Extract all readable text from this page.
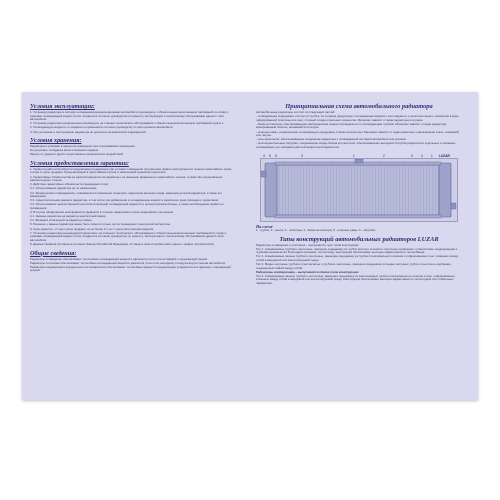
Условия эксплуатации:
1. Установку радиатора в систему охлаждения/кондиционирования автомобиля производите с обязательным выполнением требований по сливу и заправке охлаждающей жидкости или хладагента согласно руководства по ремонту, эксплуатации и техническому обслуживанию данного типа автомобиля.
2. Установку радиатора кондиционера производить на станции технического обслуживания с обязательным выполнением требований пункта 1.
3. Охлаждающую жидкость и хладагенты применяйте согласно руководству по эксплуатации автомобиля.
4. При установке и эксплуатации радиатора не допускать механических повреждений.
Условия хранения:
Радиаторы в упаковке в закрытом помещении при отапливаемом помещении.
Не допускать попадания влаги и внешних осадков.
Беречь от ударов и других существенных механических воздействий.
Условия предоставления гарантии:
1. Гарантия работоспособности предлагаемого радиатора при условии соблюдения покупателем правил эксплуатации в течение гарантийного срока, считая от даты продажи. Предъявленный в гарантийном случае и замеченный ценником покупателя.
2. Гарантийные обязательства не распространяются на радиаторы, не имеющие фирменного гарантийного талона, а также без предъявления накопительного талона.
3. Действие гарантийных обязательств прекращается при:
3.1. Использовании радиатора не по назначению;
3.2. Механических повреждениях, появившихся в изменении геометрии, нарушении внешнего вида, размеров деталей радиатора, в также его маркировки;
3.3. Самостоятельном ремонте радиатора, в том числе при добавлении в охлаждающую жидкость различного рода присадок и герметиков;
3.4. Использовании некачественной (несоответствующей) охлаждающей жидкости и неподготовленной воды, а также несоблюдении правил ее применения;
4. В случае обнаружения неисправности (дефекта) в течение гарантийного срока предъявлять претензию.
4.1. Замены радиатора на радиатор аналогичной марки;
4.2. Возврата уплаченной за радиатор суммы.
5. Решение о замене радиатора может быть принято только после проведения технической экспертизы.
6. Срок гарантии - 2 года с даты продажи, но не более 3 х лет с даты изготовления изделия.
7. Установку радиатора рекомендуется выполнять на станциях технического обслуживания с обязательным выполнением требований по сливу и заправке охлаждающей жидкости или хладагента согласно руководству по ремонту, эксплуатации и техническому обслуживанию данного типа автомобиля.
8. Данные Правила составлены согласно Закону Российской Федерации «О защите прав потребителей» (закон о правах потребителей).
Общие сведения:
Радиаторы охлаждения обеспечивают теплообмен охлаждающей жидкости двигателя (тосол или антифриз) с окружающей средой.
Радиаторы отопления обеспечивают теплообмен охлаждающей жидкости двигателя (тосол или антифриз) и воздуха внутри салона автомобиля.
Радиаторы кондиционера (конденсоры или испарители) обеспечивают теплообмен жидкости кондиционера (хладагента или фреона) с окружающей средой.
Принципиальная схема автомобильного радиатора
Автомобильные радиаторы состоят из следующих частей:
- охлаждающая сердцевина, состоит из трубок, по которым циркулирует охлаждающая жидкость или хладагент, и дополнительного оребрения в виде гофрированной пластины или лент, стоящей в виде отдельных элементов. Материал зависит от вида радиаторного кулера.
- бачки-коллекторы, обеспечивающие распределение жидкости/хладагента по охлаждающим трубкам. Материал зависит от вида радиатора: армированный пластик, алюминий или латунь.
- опорные рамы, соединяющие охлаждающую сердцевину и бачки-коллекторы. Материал зависит от вида радиатора: оцинкованная сталь, алюминий или латунь.
- узлы крепления, обеспечивающие соединение радиатора с охлаждающей системой автомобиля или кузовом.
- присоединительные патрубки, соединяющие входы бачков-коллекторов, обеспечивающие выходной патрубок радиатора в отдельных и основные охлаждаемые для заправки рабочей жидкостью/хладагентом.
4 5 6	3	1	2	3	4	1 LUZAR
На схеме
1 - трубки; 2 - ленты; 3 - пластины; 4 - бачки-коллекторы; 5 - опорные рамы; 6 - патрубки.
Типы конструкций автомобильных радиаторов LUZAR
Радиаторы охлаждения и отопления – выпускаются трех типов конструкции:
Тип 1. Алюминиевые трубчато-ленточные, имеющие сердцевину из трубок круглого сечения и ленточное оребрение с отверстиями, соединенными с трубками механически. Благодаря хорошему теплоотводу, конструкция обеспечивает высокую эффективность теплообмена.
Тип 2. Алюминиевые паяные трубчато-ленточные, имеющие сердцевину из трубок плоскоовального сечения и гофрированных лент, спаянных между собой в вакуумной или контролируемой среде.
Тип 3. Медно-латунные трубчато-пластинчатые и трубчато-ленточные, имеющие сердцевину из медно-латунных трубок и ленточное оребрение, соединенных пайкой между собой.
Радиаторы кондиционера – выпускаются одного типа конструкции:
Тип 4. Алюминиевые паяные трубчато-ленточные, имеющие сердцевину из многоходовых трубок плоскоовального сечения и лент гофрированных, спаянных между собой в вакуумной или контролируемой среде. Конструкция обеспечивает высокую эффективность теплоотдачи при стабильных параметрах.
